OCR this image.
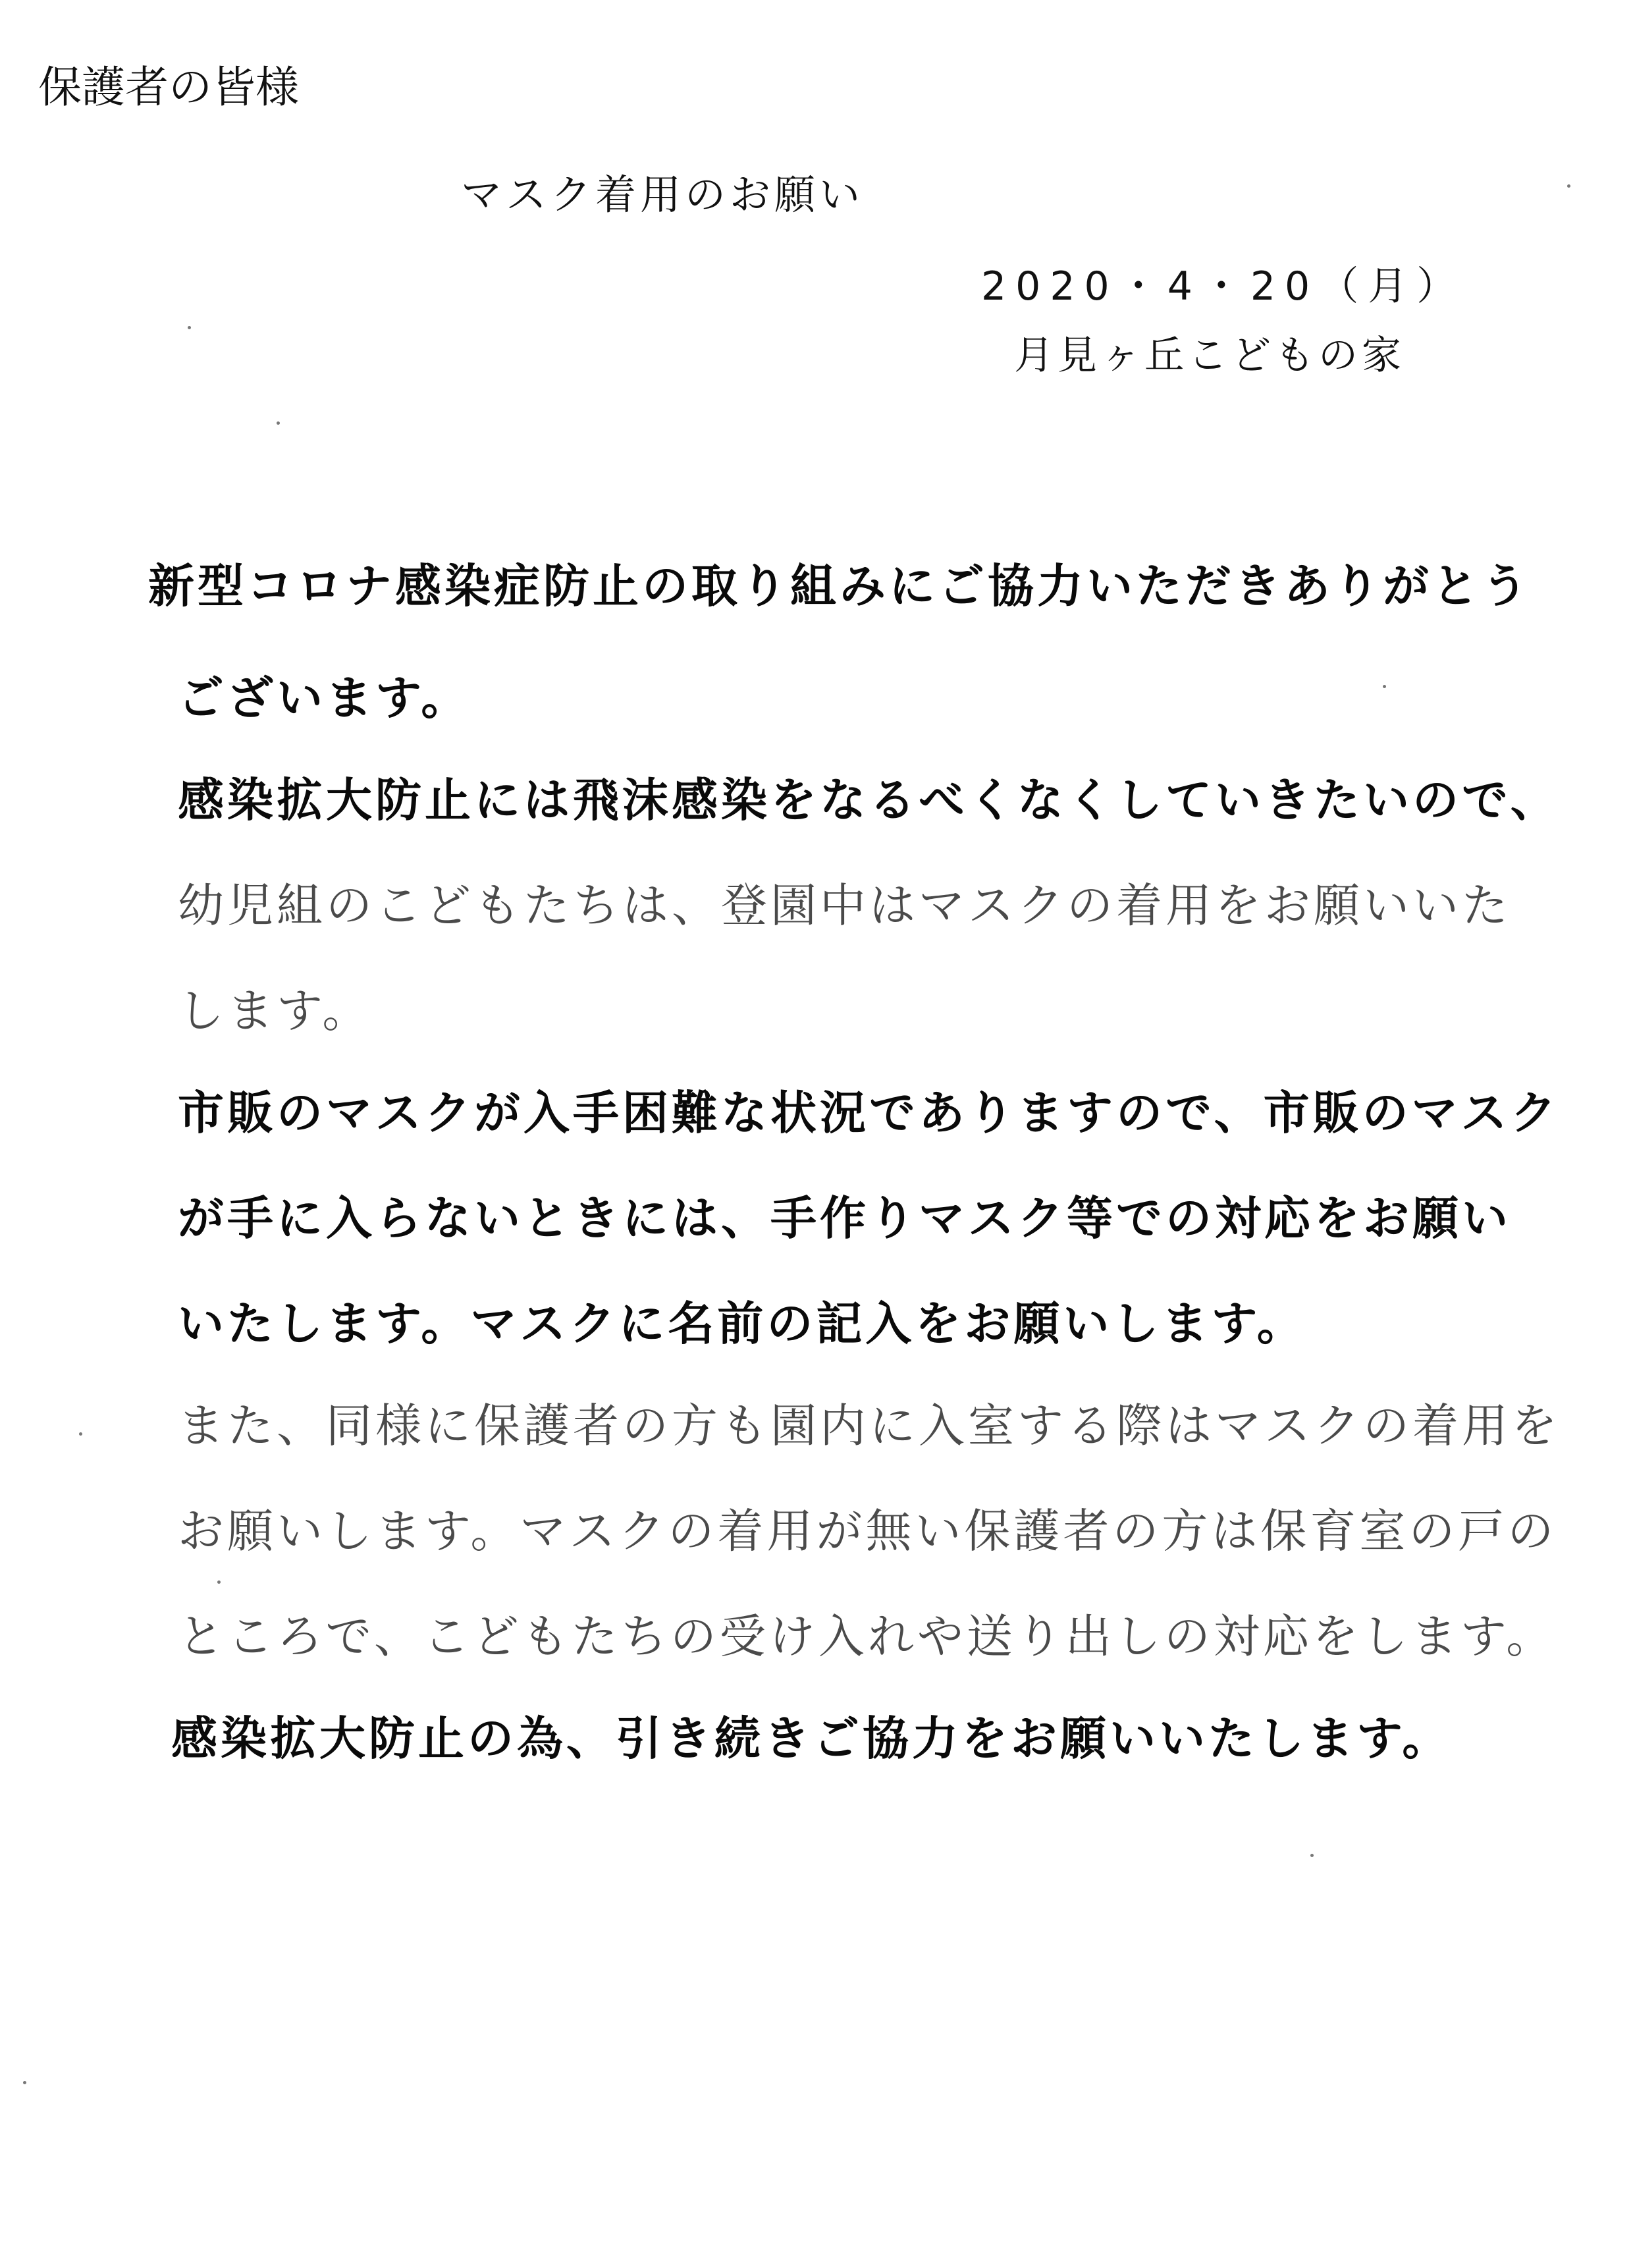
保護者の皆様
マスク着用のお願い
2020・4・20（月）
月見ヶ丘こどもの家
新型コロナ感染症防止の取り組みにご協力いただきありがとう
ございます。
感染拡大防止には飛沫感染をなるべくなくしていきたいので、
幼児組のこどもたちは、登園中はマスクの着用をお願いいた
します。
市販のマスクが入手困難な状況でありますので、市販のマスク
が手に入らないときには、手作りマスク等での対応をお願い
いたします。マスクに名前の記入をお願いします。
また、同様に保護者の方も園内に入室する際はマスクの着用を
お願いします。マスクの着用が無い保護者の方は保育室の戸の
ところで、こどもたちの受け入れや送り出しの対応をします。
感染拡大防止の為、引き続きご協力をお願いいたします。
